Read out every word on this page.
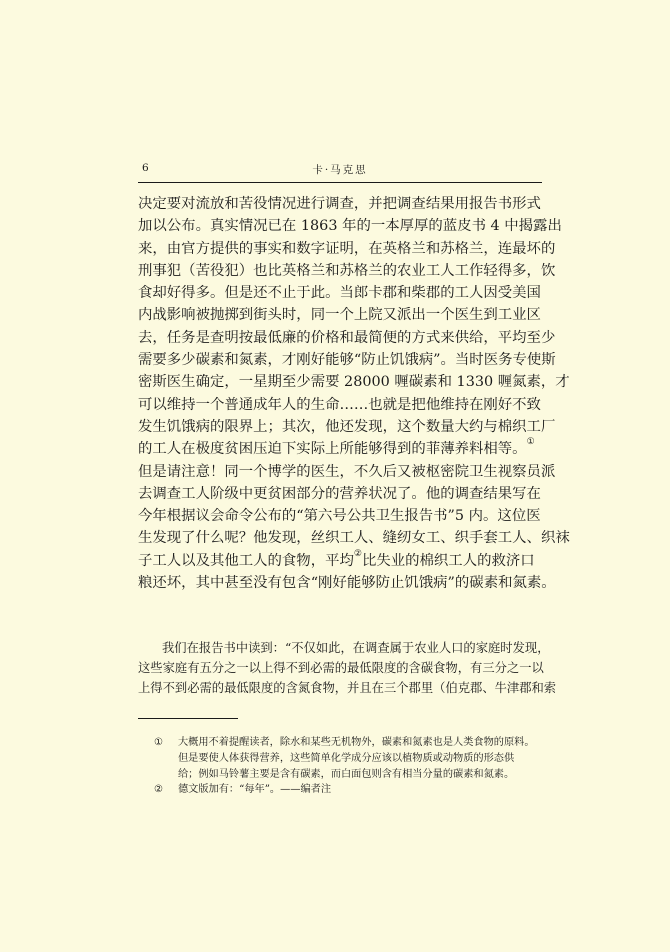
6	卡·马克思
决定要对流放和苦役情况进行调查，并把调查结果用报告书形式
加以公布。真实情况已在 1863 年的一本厚厚的蓝皮书 4 中揭露出
来，由官方提供的事实和数字证明，在英格兰和苏格兰，连最坏的
刑事犯（苦役犯）也比英格兰和苏格兰的农业工人工作轻得多，饮
食却好得多。但是还不止于此。当郎卡郡和柴郡的工人因受美国
内战影响被抛掷到街头时，同一个上院又派出一个医生到工业区
去，任务是查明按最低廉的价格和最简便的方式来供给，平均至少
需要多少碳素和氮素，才刚好能够“防止饥饿病”。当时医务专使斯
密斯医生确定，一星期至少需要 28000 喱碳素和 1330 喱氮素，才
可以维持一个普通成年人的生命……也就是把他维持在刚好不致
发生饥饿病的限界上；其次，他还发现，这个数量大约与棉织工厂
的工人在极度贫困压迫下实际上所能够得到的菲薄养料相等。①
但是请注意！同一个博学的医生，不久后又被枢密院卫生视察员派
去调查工人阶级中更贫困部分的营养状况了。他的调查结果写在
今年根据议会命令公布的“第六号公共卫生报告书”5 内。这位医
生发现了什么呢？他发现，丝织工人、缝纫女工、织手套工人、织袜
子工人以及其他工人的食物，平均②比失业的棉织工人的救济口
粮还坏，其中甚至没有包含“刚好能够防止饥饿病”的碳素和氮素。
我们在报告书中读到：“不仅如此，在调查属于农业人口的家庭时发现，
这些家庭有五分之一以上得不到必需的最低限度的含碳食物，有三分之一以
上得不到必需的最低限度的含氮食物，并且在三个郡里（伯克郡、牛津郡和索
① 大概用不着提醒读者，除水和某些无机物外，碳素和氮素也是人类食物的原料。
但是要使人体获得营养，这些简单化学成分应该以植物质或动物质的形态供
给；例如马铃薯主要是含有碳素，而白面包则含有相当分量的碳素和氮素。
② 德文版加有：“每年”。——编者注
